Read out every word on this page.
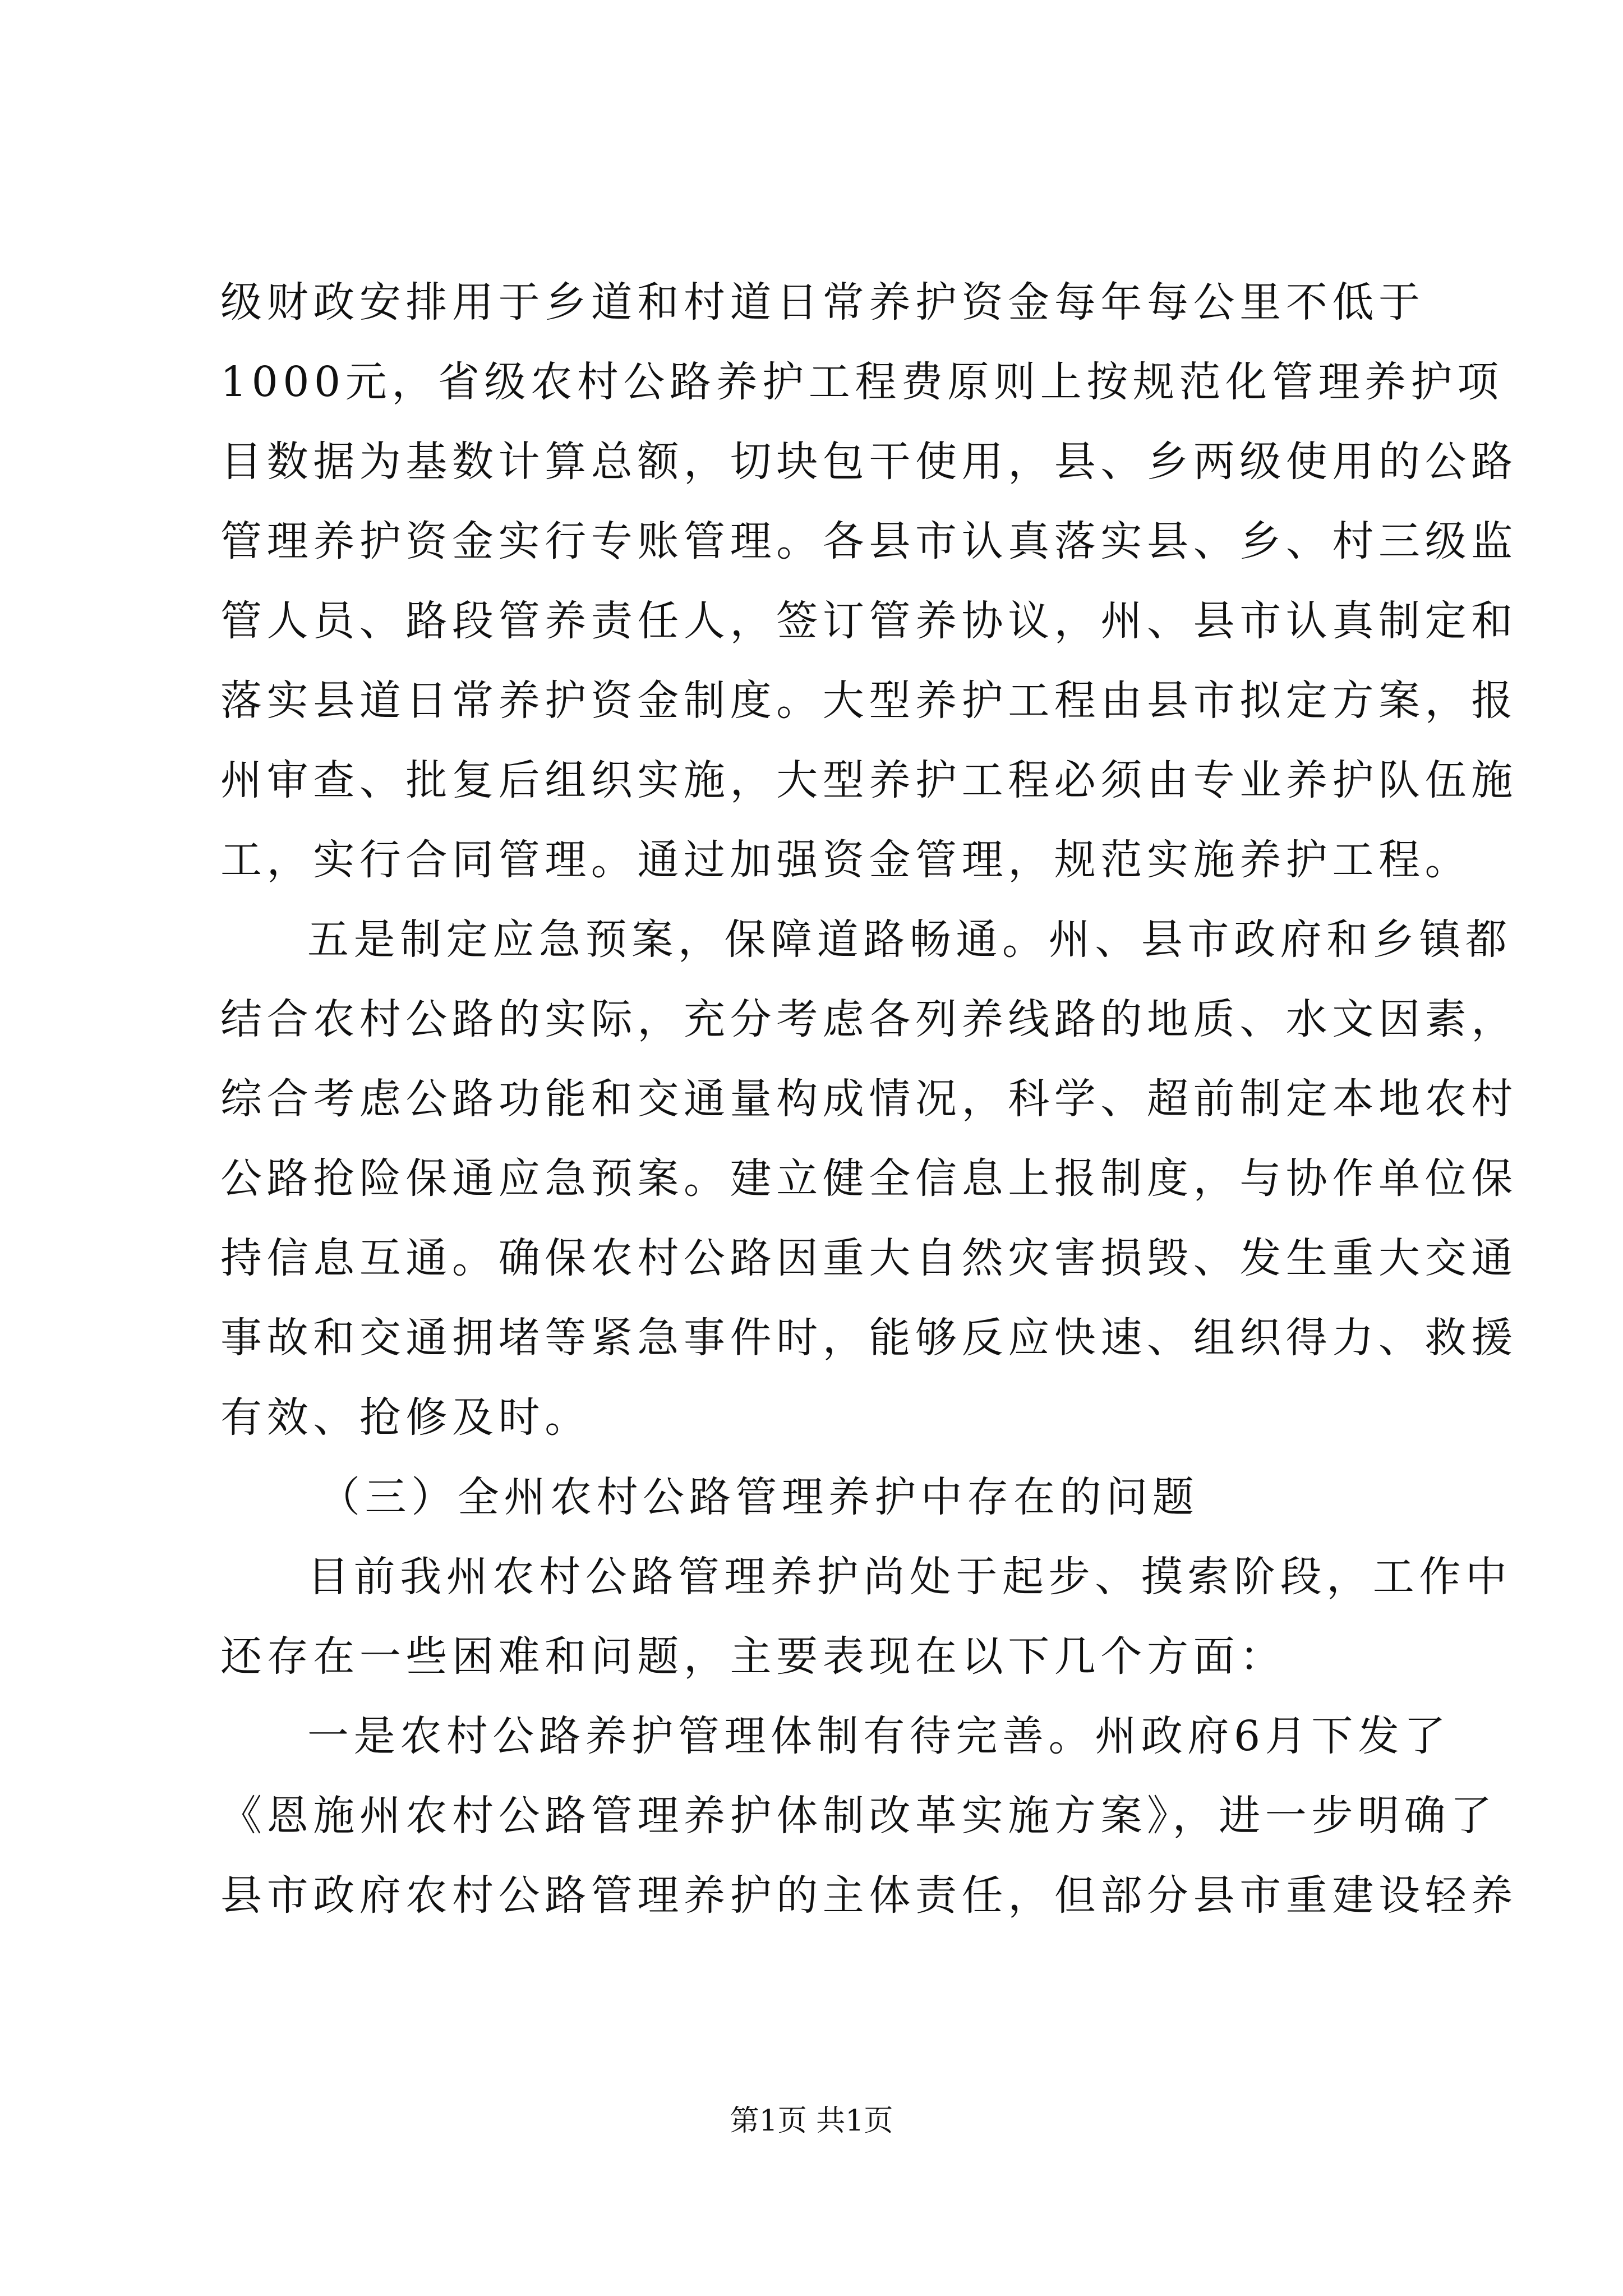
级财政安排用于乡道和村道日常养护资金每年每公里不低于
1000元，省级农村公路养护工程费原则上按规范化管理养护项
目数据为基数计算总额，切块包干使用，县、乡两级使用的公路
管理养护资金实行专账管理。各县市认真落实县、乡、村三级监
管人员、路段管养责任人，签订管养协议，州、县市认真制定和
落实县道日常养护资金制度。大型养护工程由县市拟定方案，报
州审查、批复后组织实施，大型养护工程必须由专业养护队伍施
工，实行合同管理。通过加强资金管理，规范实施养护工程。
五是制定应急预案，保障道路畅通。州、县市政府和乡镇都
结合农村公路的实际，充分考虑各列养线路的地质、水文因素，
综合考虑公路功能和交通量构成情况，科学、超前制定本地农村
公路抢险保通应急预案。建立健全信息上报制度，与协作单位保
持信息互通。确保农村公路因重大自然灾害损毁、发生重大交通
事故和交通拥堵等紧急事件时，能够反应快速、组织得力、救援
有效、抢修及时。
（三）全州农村公路管理养护中存在的问题
目前我州农村公路管理养护尚处于起步、摸索阶段，工作中
还存在一些困难和问题，主要表现在以下几个方面：
一是农村公路养护管理体制有待完善。州政府6月下发了
《恩施州农村公路管理养护体制改革实施方案》，进一步明确了
县市政府农村公路管理养护的主体责任，但部分县市重建设轻养
第1页 共1页
